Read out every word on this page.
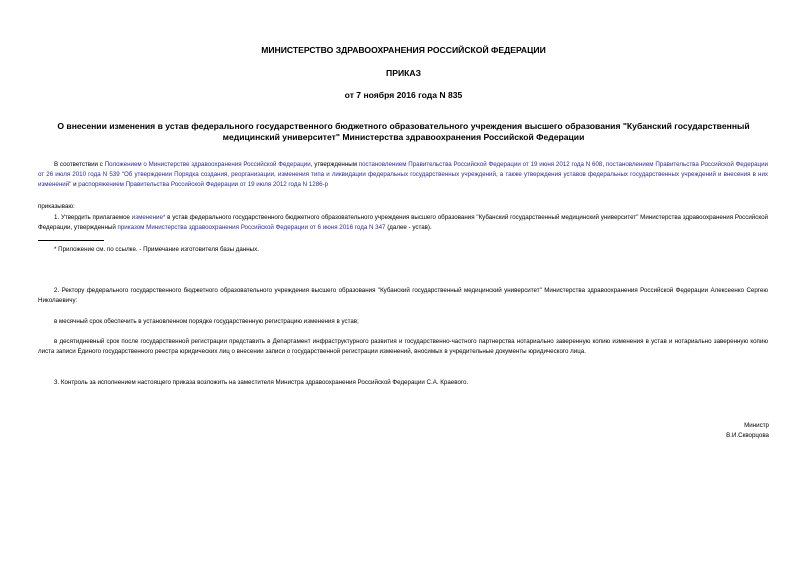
МИНИСТЕРСТВО ЗДРАВООХРАНЕНИЯ РОССИЙСКОЙ ФЕДЕРАЦИИ
ПРИКАЗ
от 7 ноября 2016 года N 835
О внесении изменения в устав федерального государственного бюджетного образовательного учреждения высшего образования "Кубанский государственный медицинский университет" Министерства здравоохранения Российской Федерации
В соответствии с Положением о Министерстве здравоохранения Российской Федерации, утвержденным постановлением Правительства Российской Федерации от 19 июня 2012 года N 608, постановлением Правительства Российской Федерации от 26 июля 2010 года N 539 "Об утверждении Порядка создания, реорганизации, изменения типа и ликвидации федеральных государственных учреждений, а также утверждения уставов федеральных государственных учреждений и внесения в них изменений" и распоряжением Правительства Российской Федерации от 19 июля 2012 года N 1286-р
приказываю:
1. Утвердить прилагаемое изменение* в устав федерального государственного бюджетного образовательного учреждения высшего образования "Кубанский государственный медицинский университет" Министерства здравоохранения Российской Федерации, утвержденный приказом Министерства здравоохранения Российской Федерации от 6 июня 2016 года N 347 (далее - устав).
* Приложение см. по ссылке. - Примечание изготовителя базы данных.
2. Ректору федерального государственного бюджетного образовательного учреждения высшего образования "Кубанский государственный медицинский университет" Министерства здравоохранения Российской Федерации Алексеенко Сергею Николаевичу:
в месячный срок обеспечить в установленном порядке государственную регистрацию изменения в устав;
в десятидневный срок после государственной регистрации представить в Департамент инфраструктурного развития и государственно-частного партнерства нотариально заверенную копию изменения в устав и нотариально заверенную копию листа записи Единого государственного реестра юридических лиц о внесении записи о государственной регистрации изменений, вносимых в учредительные документы юридического лица.
3. Контроль за исполнением настоящего приказа возложить на заместителя Министра здравоохранения Российской Федерации С.А. Краевого.
Министр
В.И.Скворцова
